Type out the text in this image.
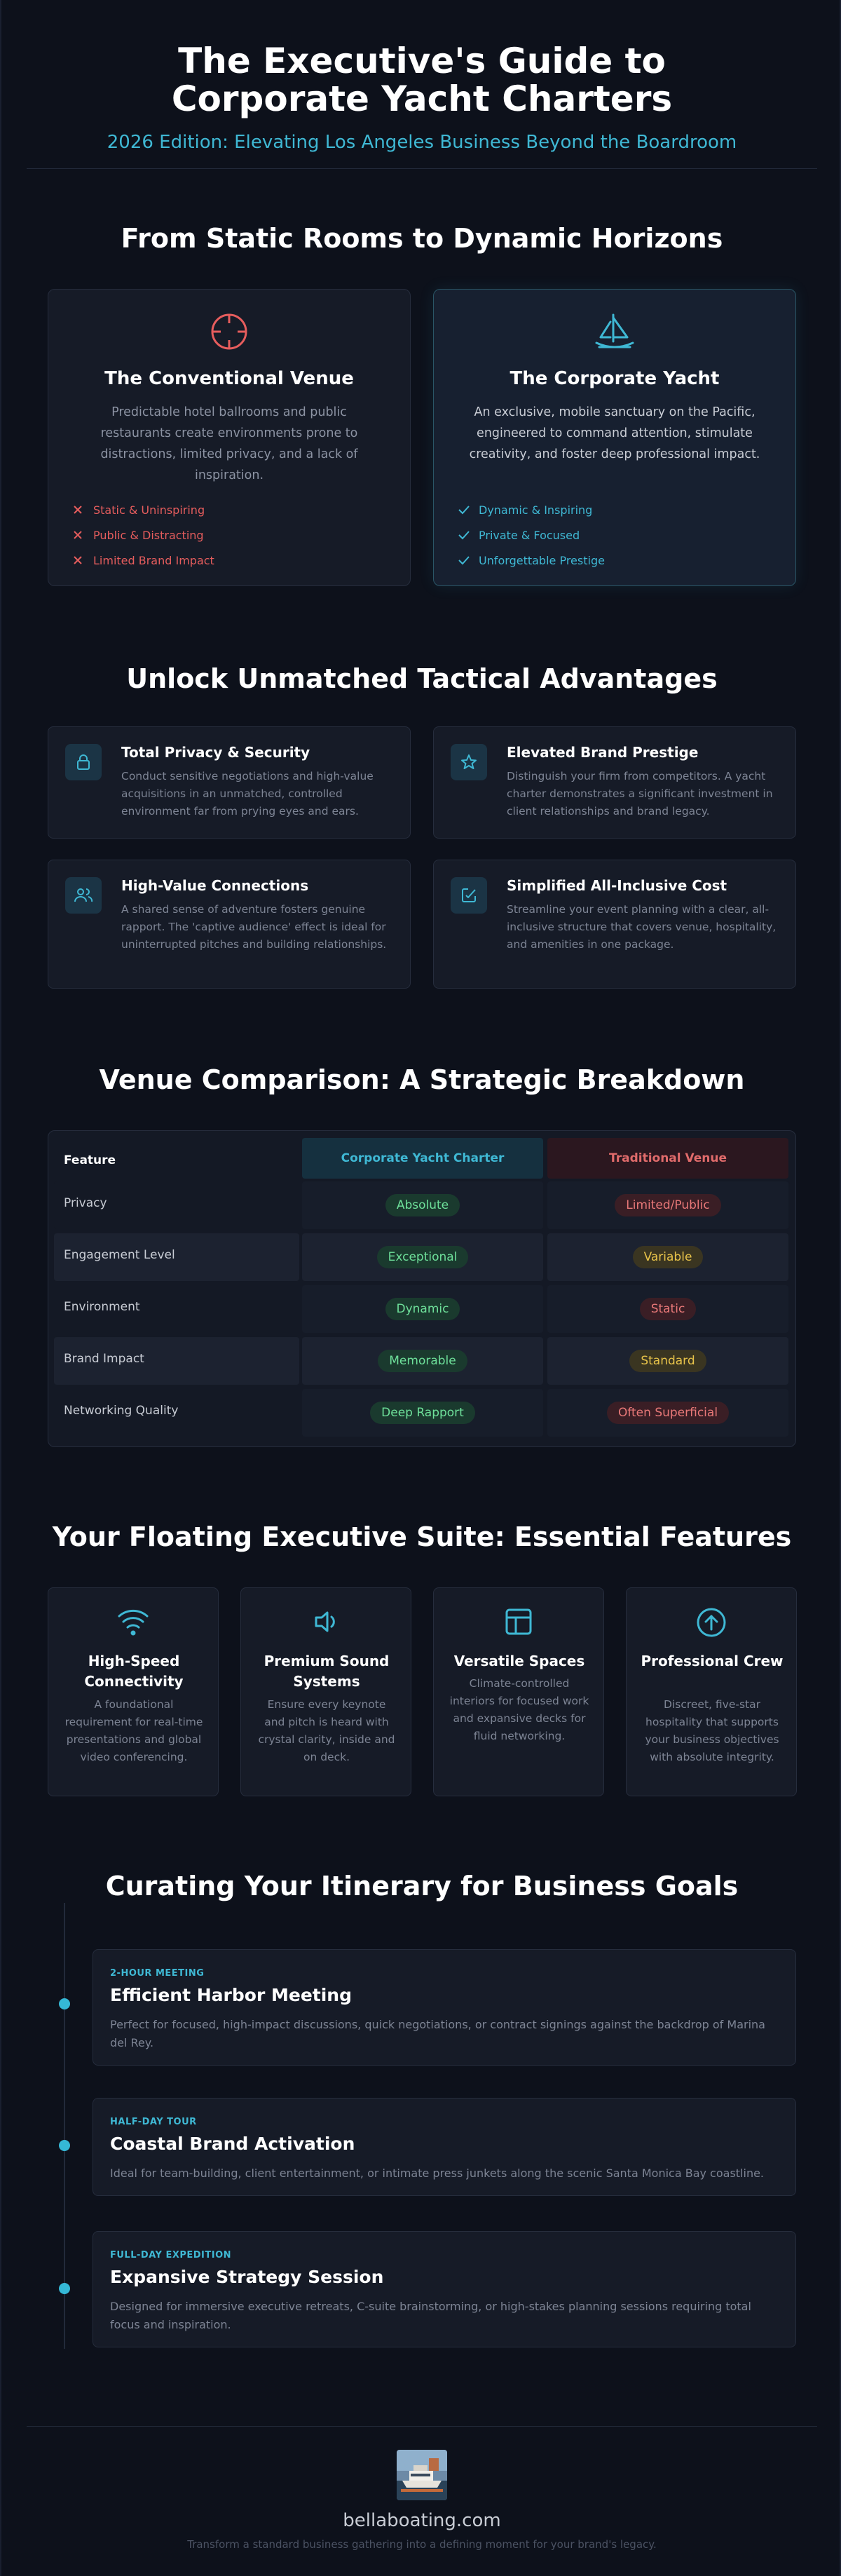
The Executive's Guide to Corporate Yacht Charters
2026 Edition: Elevating Los Angeles Business Beyond the Boardroom
From Static Rooms to Dynamic Horizons
The Conventional Venue

Predictable hotel ballrooms and public restaurants create environments prone to distractions, limited privacy, and a lack of inspiration.

Static & Uninspiring
Public & Distracting
Limited Brand Impact
The Corporate Yacht

An exclusive, mobile sanctuary on the Pacific, engineered to command attention, stimulate creativity, and foster deep professional impact.

Dynamic & Inspiring
Private & Focused
Unforgettable Prestige
Unlock Unmatched Tactical Advantages
Total Privacy & Security

Conduct sensitive negotiations and high-value acquisitions in an unmatched, controlled environment far from prying eyes and ears.

Elevated Brand Prestige

Distinguish your firm from competitors. A yacht charter demonstrates a significant investment in client relationships and brand legacy.

High-Value Connections

A shared sense of adventure fosters genuine rapport. The 'captive audience' effect is ideal for uninterrupted pitches and building relationships.

Simplified All-Inclusive Cost

Streamline your event planning with a clear, all-inclusive structure that covers venue, hospitality, and amenities in one package.

Venue Comparison: A Strategic Breakdown
Feature	Corporate Yacht Charter	Traditional Venue
Privacy	Absolute	Limited/Public
Engagement Level	Exceptional	Variable
Environment	Dynamic	Static
Brand Impact	Memorable	Standard
Networking Quality	Deep Rapport	Often Superficial
Your Floating Executive Suite: Essential Features
High-Speed Connectivity

A foundational requirement for real-time presentations and global video conferencing.

Premium Sound Systems

Ensure every keynote and pitch is heard with crystal clarity, inside and on deck.

Versatile Spaces

Climate-controlled interiors for focused work and expansive decks for fluid networking.

Professional Crew

Discreet, five-star hospitality that supports your business objectives with absolute integrity.

Curating Your Itinerary for Business Goals
2-HOUR MEETING
Efficient Harbor Meeting

Perfect for focused, high-impact discussions, quick negotiations, or contract signings against the backdrop of Marina del Rey.

HALF-DAY TOUR
Coastal Brand Activation

Ideal for team-building, client entertainment, or intimate press junkets along the scenic Santa Monica Bay coastline.

FULL-DAY EXPEDITION
Expansive Strategy Session

Designed for immersive executive retreats, C-suite brainstorming, or high-stakes planning sessions requiring total focus and inspiration.

bellaboating.com
Transform a standard business gathering into a defining moment for your brand's legacy.
